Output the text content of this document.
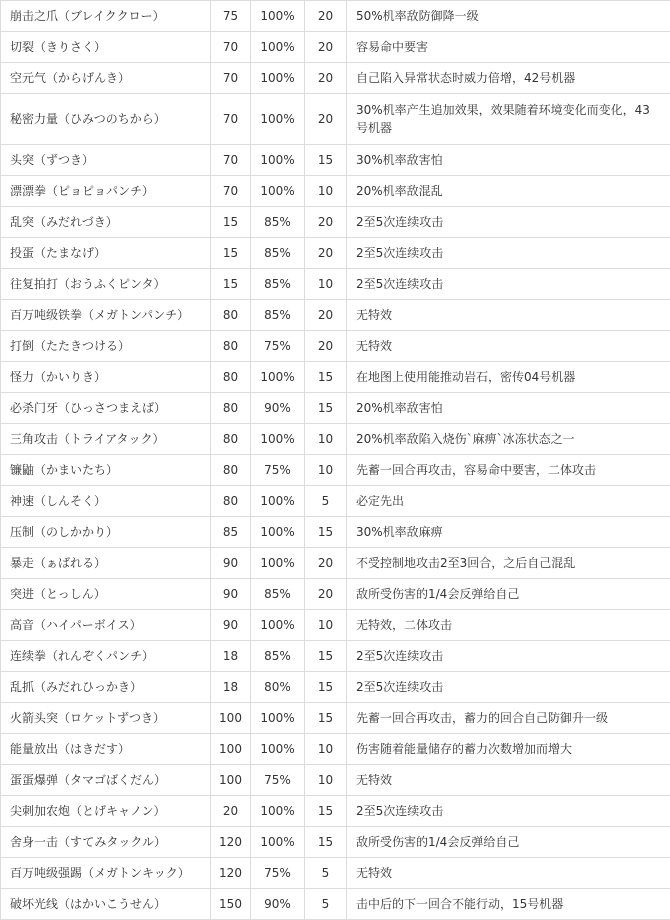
崩击之爪（ブレイククロー）	75	100%	20	50%机率敌防御降一级
切裂（きりさく）	70	100%	20	容易命中要害
空元气（からげんき）	70	100%	20	自己陷入异常状态时威力倍增，42号机器
秘密力量（ひみつのちから）	70	100%	20	30%机率产生追加效果，效果随着环境变化而变化，43号机器
头突（ずつき）	70	100%	15	30%机率敌害怕
漂漂拳（ピョピョパンチ）	70	100%	10	20%机率敌混乱
乱突（みだれづき）	15	85%	20	2至5次连续攻击
投蛋（たまなげ）	15	85%	20	2至5次连续攻击
往复拍打（おうふくピンタ）	15	85%	10	2至5次连续攻击
百万吨级铁拳（メガトンパンチ）	80	85%	20	无特效
打倒（たたきつける）	80	75%	20	无特效
怪力（かいりき）	80	100%	15	在地图上使用能推动岩石，密传04号机器
必杀门牙（ひっさつまえば）	80	90%	15	20%机率敌害怕
三角攻击（トライアタック）	80	100%	10	20%机率敌陷入烧伤`麻痹`冰冻状态之一
镰鼬（かまいたち）	80	75%	10	先蓄一回合再攻击，容易命中要害，二体攻击
神速（しんそく）	80	100%	5	必定先出
压制（のしかかり）	85	100%	15	30%机率敌麻痹
暴走（ぁばれる）	90	100%	20	不受控制地攻击2至3回合，之后自己混乱
突进（とっしん）	90	85%	20	敌所受伤害的1/4会反弹给自己
高音（ハイパーボイス）	90	100%	10	无特效，二体攻击
连续拳（れんぞくパンチ）	18	85%	15	2至5次连续攻击
乱抓（みだれひっかき）	18	80%	15	2至5次连续攻击
火箭头突（ロケットずつき）	100	100%	15	先蓄一回合再攻击，蓄力的回合自己防御升一级
能量放出（はきだす）	100	100%	10	伤害随着能量储存的蓄力次数增加而增大
蛋蛋爆弹（タマゴばくだん）	100	75%	10	无特效
尖刺加农炮（とげキャノン）	20	100%	15	2至5次连续攻击
舍身一击（すてみタックル）	120	100%	15	敌所受伤害的1/4会反弹给自己
百万吨级强踢（メガトンキック）	120	75%	5	无特效
破坏光线（はかいこうせん）	150	90%	5	击中后的下一回合不能行动，15号机器
